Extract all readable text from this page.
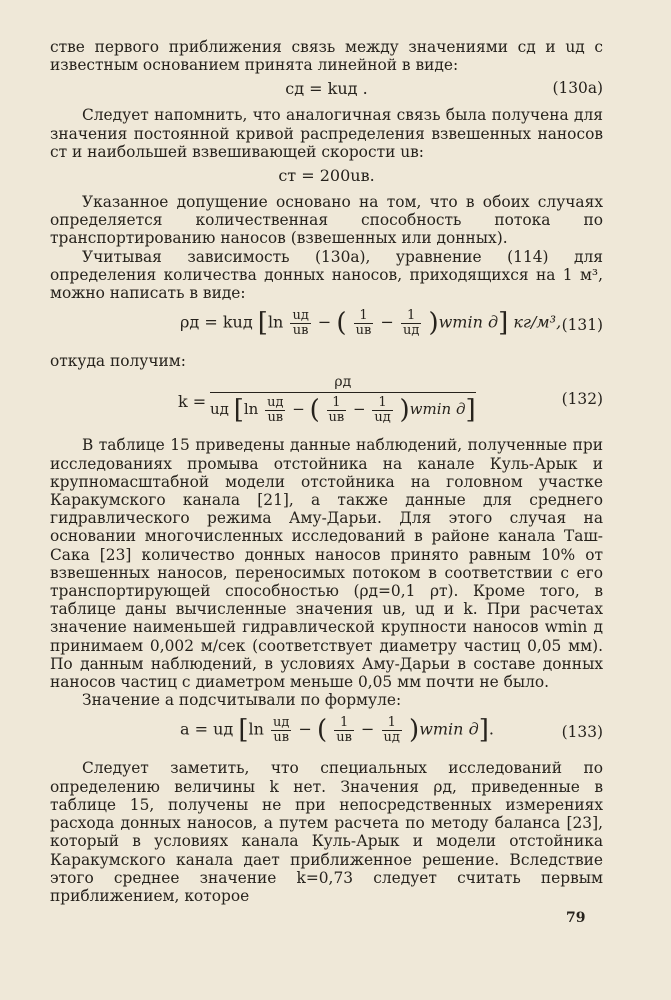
стве первого приближения связь между значениями cд и uд с известным основанием принята линейной в виде:

cд = kuд .	(130а)

Следует напомнить, что аналогичная связь была получена для значения постоянной кривой распределения взвешенных наносов cт и наибольшей взвешивающей скорости uв:

cт = 200uв.

Указанное допущение основано на том, что в обоих случаях определяется количественная способность потока по транспортированию наносов (взвешенных или донных).

Учитывая зависимость (130а), уравнение (114) для определения количества донных наносов, приходящихся на 1 м³, можно написать в виде:

ρд = kuд [ln uд
uв − ( 1
uв − 1
uд )wmin д] кг/м³, (131)

откуда получим:

k =
ρд
uд [ln uд
uв − ( 1
uв − 1
uд )wmin д]	(132)

В таблице 15 приведены данные наблюдений, полученные при исследованиях промыва отстойника на канале Куль-Арык и крупномасштабной модели отстойника на головном участке Каракумского канала [21], а также данные для среднего гидравлического режима Аму-Дарьи. Для этого случая на основании многочисленных исследований в районе канала Таш-Сака [23] количество донных наносов принято равным 10% от взвешенных наносов, переносимых потоком в соответствии с его транспортирующей способностью (ρд=0,1 ρт). Кроме того, в таблице даны вычисленные значения uв, uд и k. При расчетах значение наименьшей гидравлической крупности наносов wmin д принимаем 0,002 м/сек (соответствует диаметру частиц 0,05 мм). По данным наблюдений, в условиях Аму-Дарьи в составе донных наносов частиц с диаметром меньше 0,05 мм почти не было.

Значение a подсчитывали по формуле:

a = uд [ln uд
uв − ( 1
uв − 1
uд )wmin д].	(133)

Следует заметить, что специальных исследований по определению величины k нет. Значения ρд, приведенные в таблице 15, получены не при непосредственных измерениях расхода донных наносов, а путем расчета по методу баланса [23], который в условиях канала Куль-Арык и модели отстойника Каракумского канала дает приближенное решение. Вследствие этого среднее значение k=0,73 следует считать первым приближением, которое

79
